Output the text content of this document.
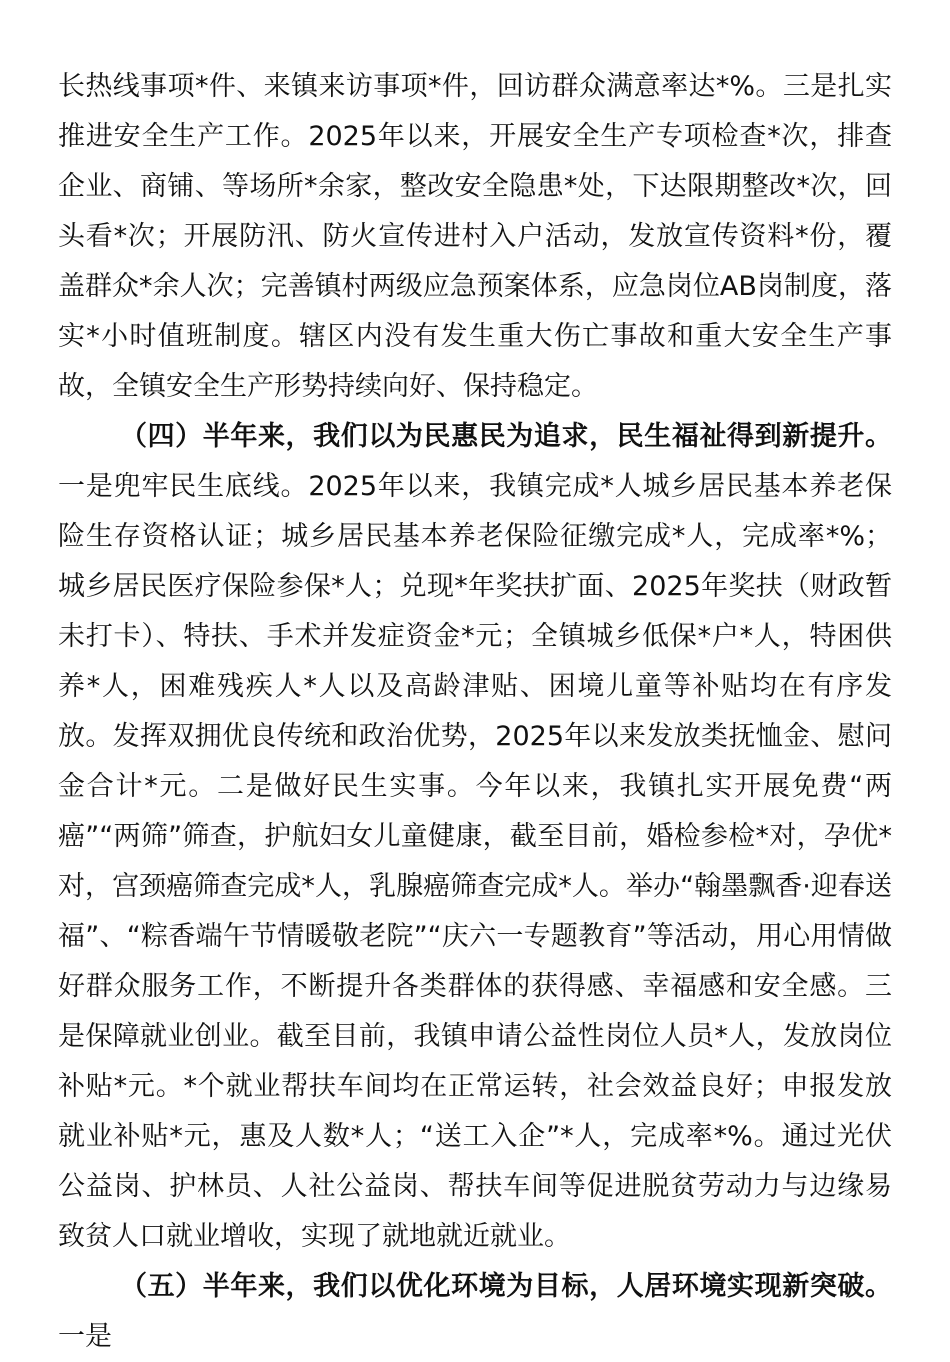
长热线事项*件、来镇来访事项*件，回访群众满意率达*%。三是扎实推进安全生产工作。2025年以来，开展安全生产专项检查*次，排查企业、商铺、等场所*余家，整改安全隐患*处，下达限期整改*次，回头看*次；开展防汛、防火宣传进村入户活动，发放宣传资料*份，覆盖群众*余人次；完善镇村两级应急预案体系，应急岗位AB岗制度，落实*小时值班制度。辖区内没有发生重大伤亡事故和重大安全生产事故，全镇安全生产形势持续向好、保持稳定。

（四）半年来，我们以为民惠民为追求，民生福祉得到新提升。一是兜牢民生底线。2025年以来，我镇完成*人城乡居民基本养老保险生存资格认证；城乡居民基本养老保险征缴完成*人，完成率*%；城乡居民医疗保险参保*人；兑现*年奖扶扩面、2025年奖扶（财政暂未打卡）、特扶、手术并发症资金*元；全镇城乡低保*户*人，特困供养*人，困难残疾人*人以及高龄津贴、困境儿童等补贴均在有序发放。发挥双拥优良传统和政治优势，2025年以来发放类抚恤金、慰问金合计*元。二是做好民生实事。今年以来，我镇扎实开展免费“两癌”“两筛”筛查，护航妇女儿童健康，截至目前，婚检参检*对，孕优*对，宫颈癌筛查完成*人，乳腺癌筛查完成*人。举办“翰墨飘香·迎春送福”、“粽香端午节情暖敬老院”“庆六一专题教育”等活动，用心用情做好群众服务工作，不断提升各类群体的获得感、幸福感和安全感。三是保障就业创业。截至目前，我镇申请公益性岗位人员*人，发放岗位补贴*元。*个就业帮扶车间均在正常运转，社会效益良好；申报发放就业补贴*元，惠及人数*人；“送工入企”*人，完成率*%。通过光伏公益岗、护林员、人社公益岗、帮扶车间等促进脱贫劳动力与边缘易致贫人口就业增收，实现了就地就近就业。

（五）半年来，我们以优化环境为目标，人居环境实现新突破。一是
